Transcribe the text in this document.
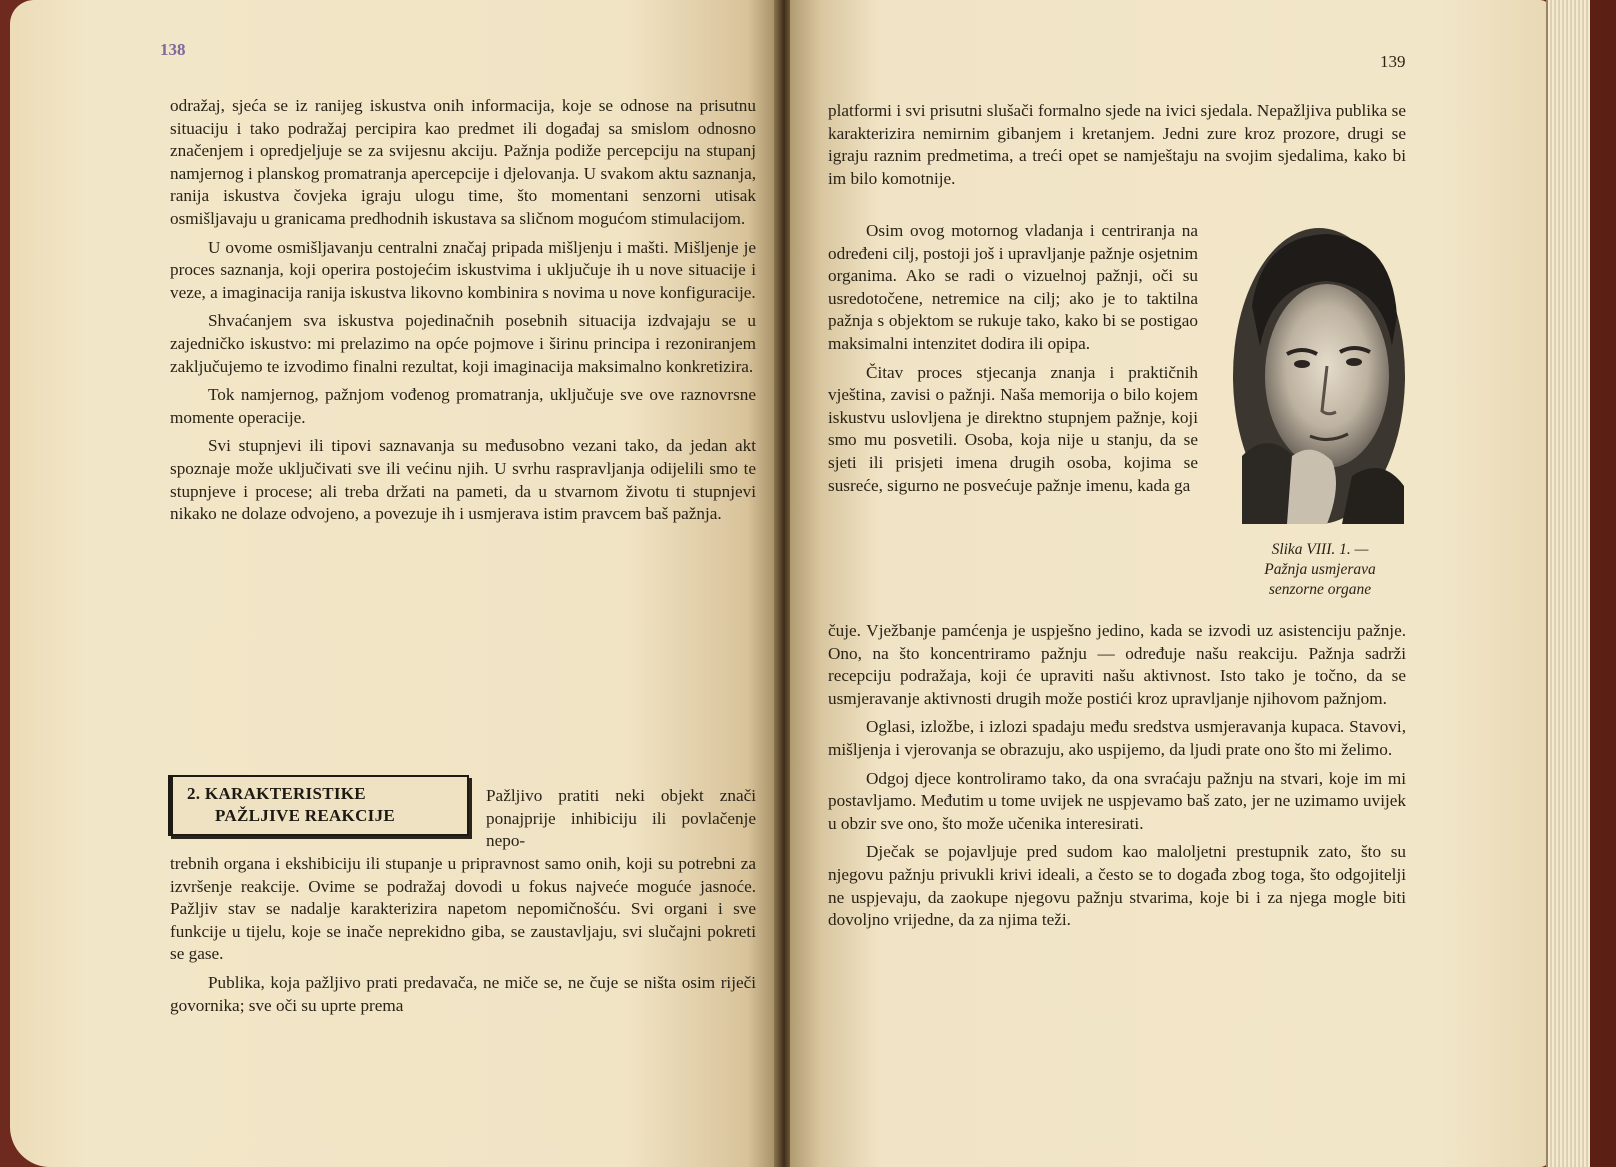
138

odražaj, sjeća se iz ranijeg iskustva onih informacija, koje se odnose na prisutnu situaciju i tako podražaj percipira kao predmet ili događaj sa smislom odnosno značenjem i opredjeljuje se za svijesnu akciju. Pažnja podiže percepciju na stupanj namjernog i planskog promatranja apercepcije i djelovanja. U svakom aktu saznanja, ranija iskustva čovjeka igraju ulogu time, što momentani senzorni utisak osmišljavaju u granicama predhodnih iskustava sa sličnom mogućom stimulacijom.

U ovome osmišljavanju centralni značaj pripada mišljenju i mašti. Mišljenje je proces saznanja, koji operira postojećim iskustvima i uključuje ih u nove situacije i veze, a imaginacija ranija iskustva likovno kombinira s novima u nove konfiguracije.

Shvaćanjem sva iskustva pojedinačnih posebnih situacija izdvajaju se u zajedničko iskustvo: mi prelazimo na opće pojmove i širinu principa i rezoniranjem zaključujemo te izvodimo finalni rezultat, koji imaginacija maksimalno konkretizira.

Tok namjernog, pažnjom vođenog promatranja, uključuje sve ove raznovrsne momente operacije.

Svi stupnjevi ili tipovi saznavanja su međusobno vezani tako, da jedan akt spoznaje može uključivati sve ili većinu njih. U svrhu raspravljanja odijelili smo te stupnjeve i procese; ali treba držati na pameti, da u stvarnom životu ti stupnjevi nikako ne dolaze odvojeno, a povezuje ih i usmjerava istim pravcem baš pažnja.

2. KARAKTERISTIKE
PAŽLJIVE REAKCIJE

Pažljivo pratiti neki objekt znači ponajprije inhibiciju ili povlačenje nepo-

trebnih organa i ekshibiciju ili stupanje u pripravnost samo onih, koji su potrebni za izvršenje reakcije. Ovime se podražaj dovodi u fokus najveće moguće jasnoće. Pažljiv stav se nadalje karakterizira napetom nepomičnošću. Svi organi i sve funkcije u tijelu, koje se inače neprekidno giba, se zaustavljaju, svi slučajni pokreti se gase.

Publika, koja pažljivo prati predavača, ne miče se, ne čuje se ništa osim riječi govornika; sve oči su uprte prema

139

platformi i svi prisutni slušači formalno sjede na ivici sjedala. Nepažljiva publika se karakterizira nemirnim gibanjem i kretanjem. Jedni zure kroz prozore, drugi se igraju raznim predmetima, a treći opet se namještaju na svojim sjedalima, kako bi im bilo komotnije.

Osim ovog motornog vladanja i centriranja na određeni cilj, postoji još i upravljanje pažnje osjetnim organima. Ako se radi o vizuelnoj pažnji, oči su usredotočene, netremice na cilj; ako je to taktilna pažnja s objektom se rukuje tako, kako bi se postigao maksimalni intenzitet dodira ili opipa.

Čitav proces stjecanja znanja i praktičnih vještina, zavisi o pažnji. Naša memorija o bilo kojem iskustvu uslovljena je direktno stupnjem pažnje, koji smo mu posvetili. Osoba, koja nije u stanju, da se sjeti ili prisjeti imena drugih osoba, kojima se susreće, sigurno ne posvećuje pažnje imenu, kada ga

Slika VIII. 1. —
Pažnja usmjerava
senzorne organe

čuje. Vježbanje pamćenja je uspješno jedino, kada se izvodi uz asistenciju pažnje. Ono, na što koncentriramo pažnju — određuje našu reakciju. Pažnja sadrži recepciju podražaja, koji će upraviti našu aktivnost. Isto tako je točno, da se usmjeravanje aktivnosti drugih može postići kroz upravljanje njihovom pažnjom.

Oglasi, izložbe, i izlozi spadaju među sredstva usmjeravanja kupaca. Stavovi, mišljenja i vjerovanja se obrazuju, ako uspijemo, da ljudi prate ono što mi želimo.

Odgoj djece kontroliramo tako, da ona svraćaju pažnju na stvari, koje im mi postavljamo. Međutim u tome uvijek ne uspjevamo baš zato, jer ne uzimamo uvijek u obzir sve ono, što može učenika interesirati.

Dječak se pojavljuje pred sudom kao maloljetni prestupnik zato, što su njegovu pažnju privukli krivi ideali, a često se to događa zbog toga, što odgojitelji ne uspjevaju, da zaokupe njegovu pažnju stvarima, koje bi i za njega mogle biti dovoljno vrijedne, da za njima teži.
